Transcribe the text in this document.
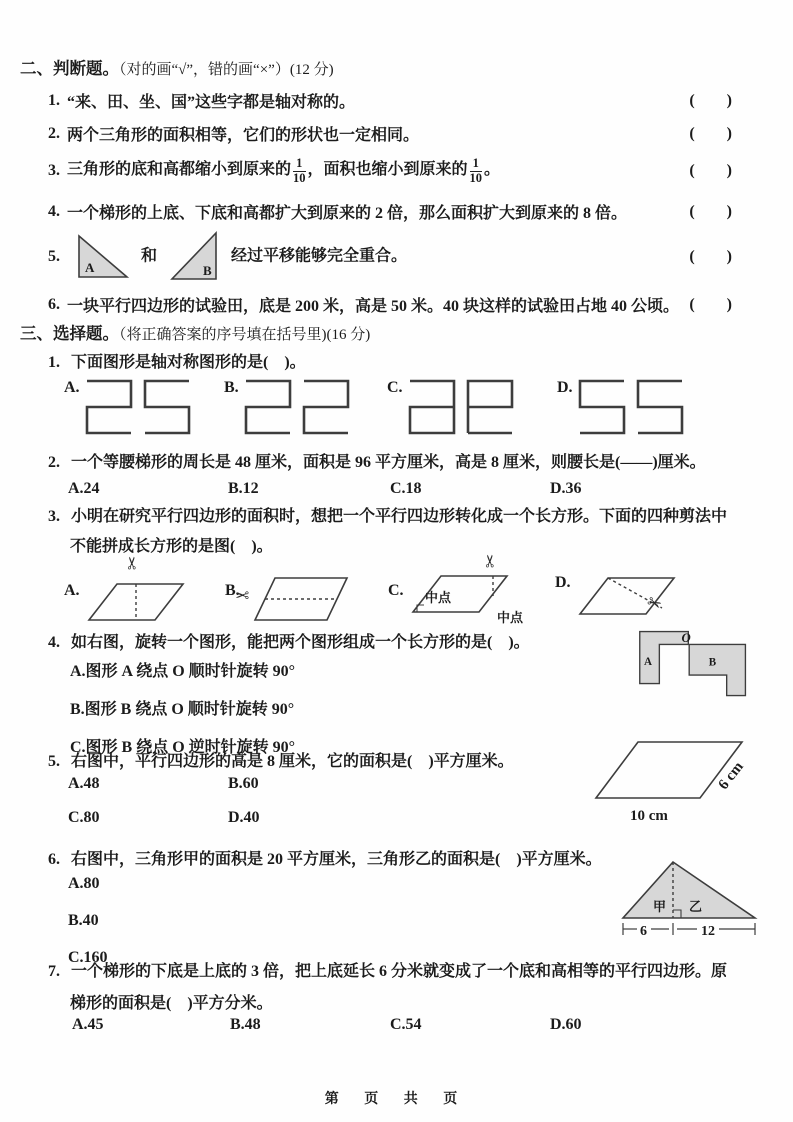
二、判断题。（对的画“√”，错的画“×”）(12 分)
1. “来、田、坐、国”这些字都是轴对称的。	(        )
2. 两个三角形的面积相等，它们的形状也一定相同。	(        )
3. 三角形的底和高都缩小到原来的 $\frac{1}{10}$ ，面积也缩小到原来的 $\frac{1}{10}$ 。	(        )
4. 一个梯形的上底、下底和高都扩大到原来的 2 倍，那么面积扩大到原来的 8 倍。	(        )
5.
A
和
B
经过平移能够完全重合。	(        )
6. 一块平行四边形的试验田，底是 200 米，高是 50 米。40 块这样的试验田占地 40 公顷。 (        )
三、选择题。（将正确答案的序号填在括号里)(16 分)
1. 下面图形是轴对称图形的是(    )。
A.	B.	C.	D.
2. 一个等腰梯形的周长是 48 厘米，面积是 96 平方厘米，高是 8 厘米，则腰长是(——)厘米。
A.24	B.12	C.18	D.36
3. 小明在研究平行四边形的面积时，想把一个平行四边形转化成一个长方形。下面的四种剪法中
不能拼成长方形的是图(    )。
A.
✂
B.
✂	C. 中点
中点
✂
D.
✂
4. 如右图，旋转一个图形，能把两个图形组成一个长方形的是(    )。
A.图形 A 绕点 O 顺时针旋转 90°
B.图形 B 绕点 O 顺时针旋转 90°
C.图形 B 绕点 O 逆时针旋转 90°
O
A	B
5. 右图中，平行四边形的高是 8 厘米，它的面积是(    )平方厘米。
A.48	B.60
C.80	D.40	10 cm
6 cm
6. 右图中，三角形甲的面积是 20 平方厘米，三角形乙的面积是(    )平方厘米。
A.80
B.40
C.160
甲 乙
6	12
7. 一个梯形的下底是上底的 3 倍，把上底延长 6 分米就变成了一个底和高相等的平行四边形。原
梯形的面积是(    )平方分米。
A.45	B.48	C.54	D.60
第 页 共 页
